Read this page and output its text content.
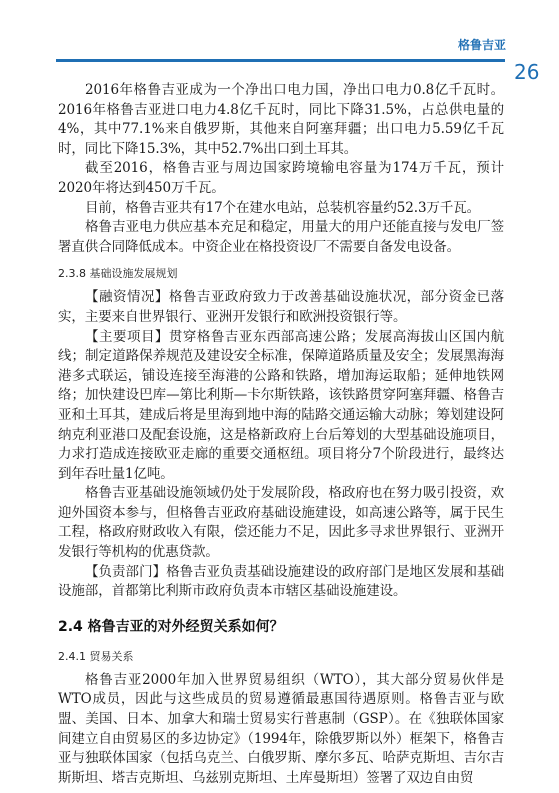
格鲁吉亚
26

2016年格鲁吉亚成为一个净出口电力国，净出口电力0.8亿千瓦时。2016年格鲁吉亚进口电力4.8亿千瓦时，同比下降31.5%，占总供电量的4%，其中77.1%来自俄罗斯，其他来自阿塞拜疆；出口电力5.59亿千瓦时，同比下降15.3%，其中52.7%出口到土耳其。

截至2016，格鲁吉亚与周边国家跨境输电容量为174万千瓦，预计2020年将达到450万千瓦。

目前，格鲁吉亚共有17个在建水电站，总装机容量约52.3万千瓦。

格鲁吉亚电力供应基本充足和稳定，用量大的用户还能直接与发电厂签署直供合同降低成本。中资企业在格投资设厂不需要自备发电设备。

2.3.8 基础设施发展规划

【融资情况】格鲁吉亚政府致力于改善基础设施状况，部分资金已落实，主要来自世界银行、亚洲开发银行和欧洲投资银行等。

【主要项目】贯穿格鲁吉亚东西部高速公路；发展高海拔山区国内航线；制定道路保养规范及建设安全标准，保障道路质量及安全；发展黑海海港多式联运，铺设连接至海港的公路和铁路，增加海运取船；延伸地铁网络；加快建设巴库—第比利斯—卡尔斯铁路，该铁路贯穿阿塞拜疆、格鲁吉亚和土耳其，建成后将是里海到地中海的陆路交通运输大动脉；筹划建设阿纳克利亚港口及配套设施，这是格新政府上台后筹划的大型基础设施项目，力求打造成连接欧亚走廊的重要交通枢纽。项目将分7个阶段进行，最终达到年吞吐量1亿吨。

格鲁吉亚基础设施领域仍处于发展阶段，格政府也在努力吸引投资，欢迎外国资本参与，但格鲁吉亚政府基础设施建设，如高速公路等，属于民生工程，格政府财政收入有限，偿还能力不足，因此多寻求世界银行、亚洲开发银行等机构的优惠贷款。

【负责部门】格鲁吉亚负责基础设施建设的政府部门是地区发展和基础设施部，首都第比利斯市政府负责本市辖区基础设施建设。

2.4 格鲁吉亚的对外经贸关系如何？
2.4.1 贸易关系

格鲁吉亚2000年加入世界贸易组织（WTO），其大部分贸易伙伴是WTO成员，因此与这些成员的贸易遵循最惠国待遇原则。格鲁吉亚与欧盟、美国、日本、加拿大和瑞士贸易实行普惠制（GSP）。在《独联体国家间建立自由贸易区的多边协定》（1994年，除俄罗斯以外）框架下，格鲁吉亚与独联体国家（包括乌克兰、白俄罗斯、摩尔多瓦、哈萨克斯坦、吉尔吉斯斯坦、塔吉克斯坦、乌兹别克斯坦、土库曼斯坦）签署了双边自由贸
